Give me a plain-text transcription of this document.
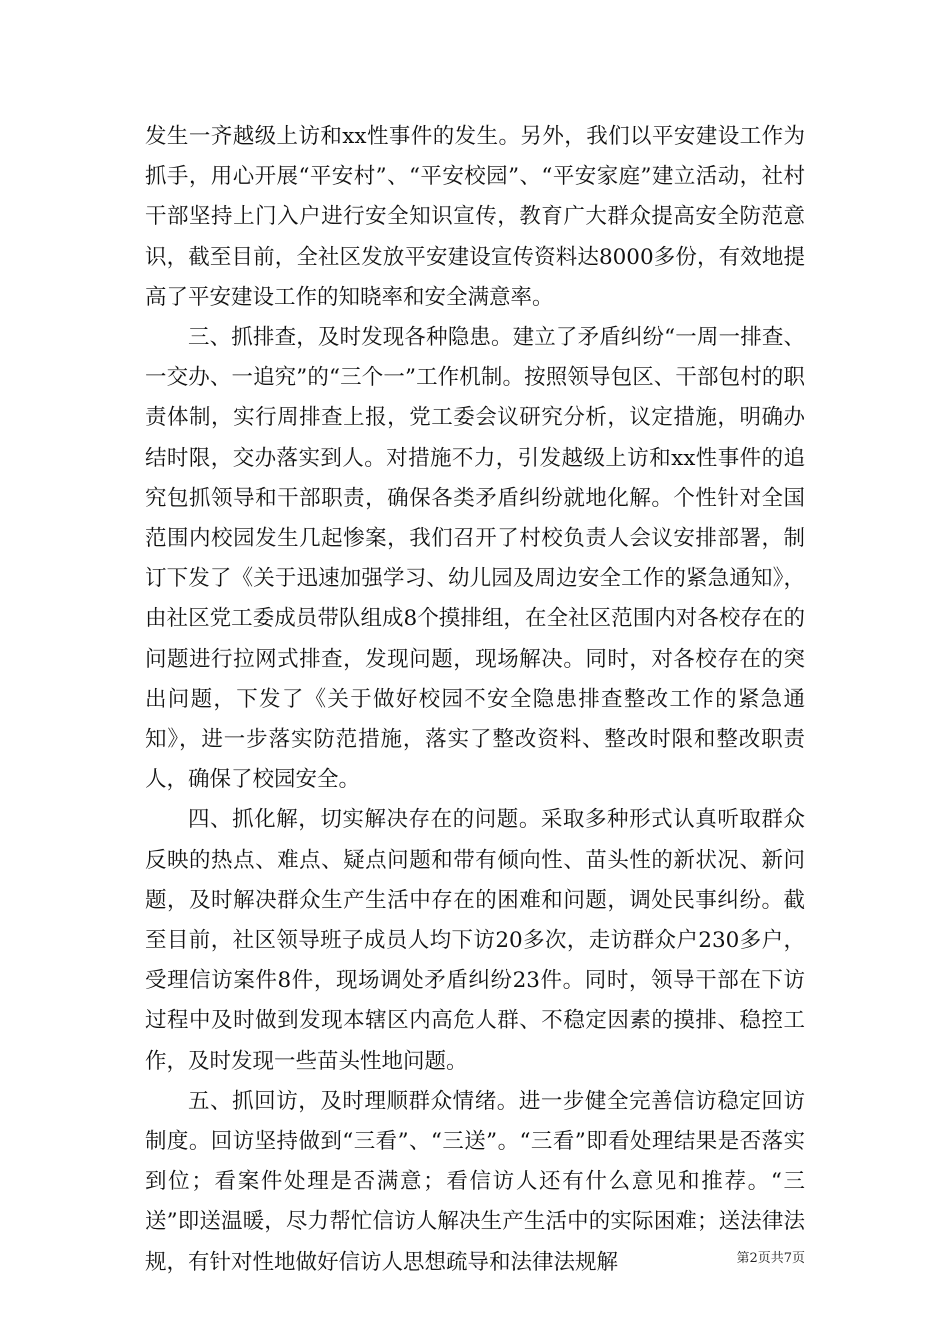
发生一齐越级上访和xx性事件的发生。另外，我们以平安建设工作为抓手，用心开展“平安村”、“平安校园”、“平安家庭”建立活动，社村干部坚持上门入户进行安全知识宣传，教育广大群众提高安全防范意识，截至目前，全社区发放平安建设宣传资料达8000多份，有效地提高了平安建设工作的知晓率和安全满意率。

三、抓排查，及时发现各种隐患。建立了矛盾纠纷“一周一排查、一交办、一追究”的“三个一”工作机制。按照领导包区、干部包村的职责体制，实行周排查上报，党工委会议研究分析，议定措施，明确办结时限，交办落实到人。对措施不力，引发越级上访和xx性事件的追究包抓领导和干部职责，确保各类矛盾纠纷就地化解。个性针对全国范围内校园发生几起惨案，我们召开了村校负责人会议安排部署，制订下发了《关于迅速加强学习、幼儿园及周边安全工作的紧急通知》，由社区党工委成员带队组成8个摸排组，在全社区范围内对各校存在的问题进行拉网式排查，发现问题，现场解决。同时，对各校存在的突出问题，下发了《关于做好校园不安全隐患排查整改工作的紧急通知》，进一步落实防范措施，落实了整改资料、整改时限和整改职责人，确保了校园安全。

四、抓化解，切实解决存在的问题。采取多种形式认真听取群众反映的热点、难点、疑点问题和带有倾向性、苗头性的新状况、新问题，及时解决群众生产生活中存在的困难和问题，调处民事纠纷。截至目前，社区领导班子成员人均下访20多次，走访群众户230多户，受理信访案件8件，现场调处矛盾纠纷23件。同时，领导干部在下访过程中及时做到发现本辖区内高危人群、不稳定因素的摸排、稳控工作，及时发现一些苗头性地问题。

五、抓回访，及时理顺群众情绪。进一步健全完善信访稳定回访制度。回访坚持做到“三看”、“三送”。“三看”即看处理结果是否落实到位；看案件处理是否满意；看信访人还有什么意见和推荐。“三送”即送温暖，尽力帮忙信访人解决生产生活中的实际困难；送法律法规，有针对性地做好信访人思想疏导和法律法规解	第2页共7页
